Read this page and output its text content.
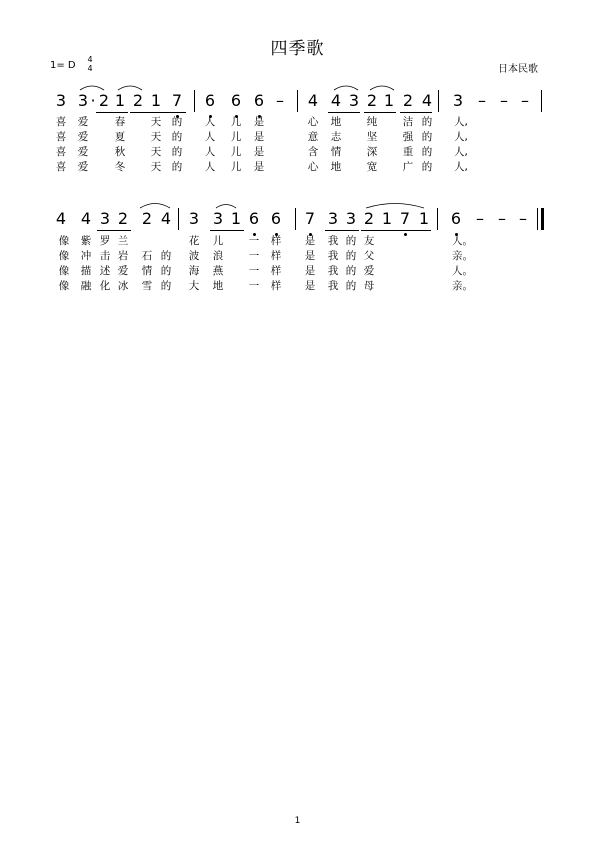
四季歌
1= D
4
4	日本民歌
3 3 · 2 1 2 1 7 6 6 6 – 4 4 3 2 1 2 4 3 – – –
喜 爱	春 天 的 人 儿 是	心 地 纯 洁 的 人,
喜 爱	夏 天 的 人 儿 是	意 志 坚 强 的 人,
喜 爱	秋 天 的 人 儿 是	含 情 深 重 的 人,
喜 爱	冬 天 的 人 儿 是	心 地 宽 广 的 人,
4 4 3 2 2 4 3 3 1 6 6 7 3 3 2 1 7 1 6 – – –
像 紫 罗 兰	花 儿 一 样 是 我 的 友	人。
像 冲 击 岩 石 的 波 浪 一 样 是 我 的 父	亲。
像 描 述 爱 情 的 海 燕 一 样 是 我 的 爱	人。
像 融 化 冰 雪 的 大 地 一 样 是 我 的 母	亲。
1
